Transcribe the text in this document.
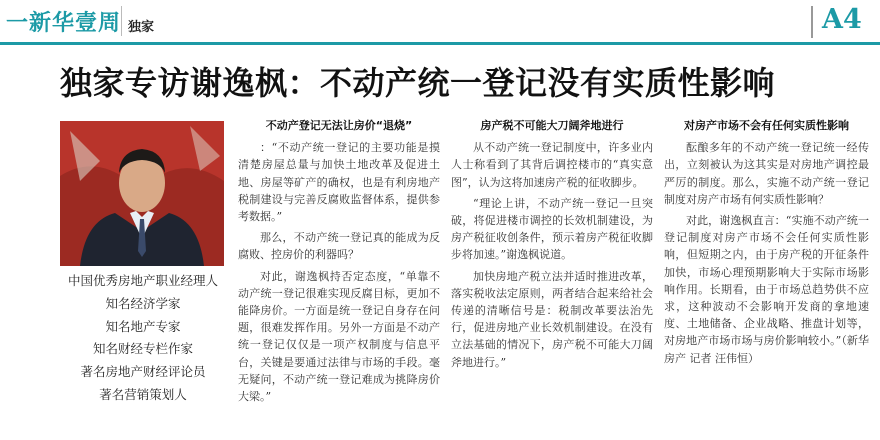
一新华壹周 独家	A4
独家专访谢逸枫：不动产统一登记没有实质性影响
中国优秀房地产职业经理人
知名经济学家
知名地产专家
知名财经专栏作家
著名房地产财经评论员
著名营销策划人
不动产登记无法让房价“退烧”

：“不动产统一登记的主要功能是摸清楚房屋总量与加快土地改革及促进土地、房屋等矿产的确权，也是有利房地产税制建设与完善反腐败监督体系，提供参考数据。”

那么，不动产统一登记真的能成为反腐败、控房价的利器吗？

对此，谢逸枫持否定态度，“单靠不动产统一登记很难实现反腐目标，更加不能降房价。一方面是统一登记自身存在问题，很难发挥作用。另外一方面是不动产统一登记仅仅是一项产权制度与信息平台，关键是要通过法律与市场的手段。毫无疑问，不动产统一登记难成为挑降房价大梁。”

房产税不可能大刀阔斧地进行

从不动产统一登记制度中，许多业内人士称看到了其背后调控楼市的“真实意图”，认为这将加速房产税的征收脚步。

“理论上讲，不动产统一登记一旦突破，将促进楼市调控的长效机制建设，为房产税征收创条件，预示着房产税征收脚步将加速。”谢逸枫说道。

加快房地产税立法并适时推进改革，落实税收法定原则，两者结合起来给社会传递的清晰信号是：税制改革要法治先行，促进房地产业长效机制建设。在没有立法基础的情况下，房产税不可能大刀阔斧地进行。”

对房产市场不会有任何实质性影响

酝酿多年的不动产统一登记统一经传出，立刻被认为这其实是对房地产调控最严厉的制度。那么，实施不动产统一登记制度对房产市场有何实质性影响？

对此，谢逸枫直言：“实施不动产统一登记制度对房产市场不会任何实质性影响，但短期之内，由于房产税的开征条件加快，市场心理预期影响大于实际市场影响作用。长期看，由于市场总趋势供不应求，这种波动不会影响开发商的拿地速度、土地储备、企业战略、推盘计划等，对房地产市场市场与房价影响较小。”（新华房产 记者 汪伟恒）
